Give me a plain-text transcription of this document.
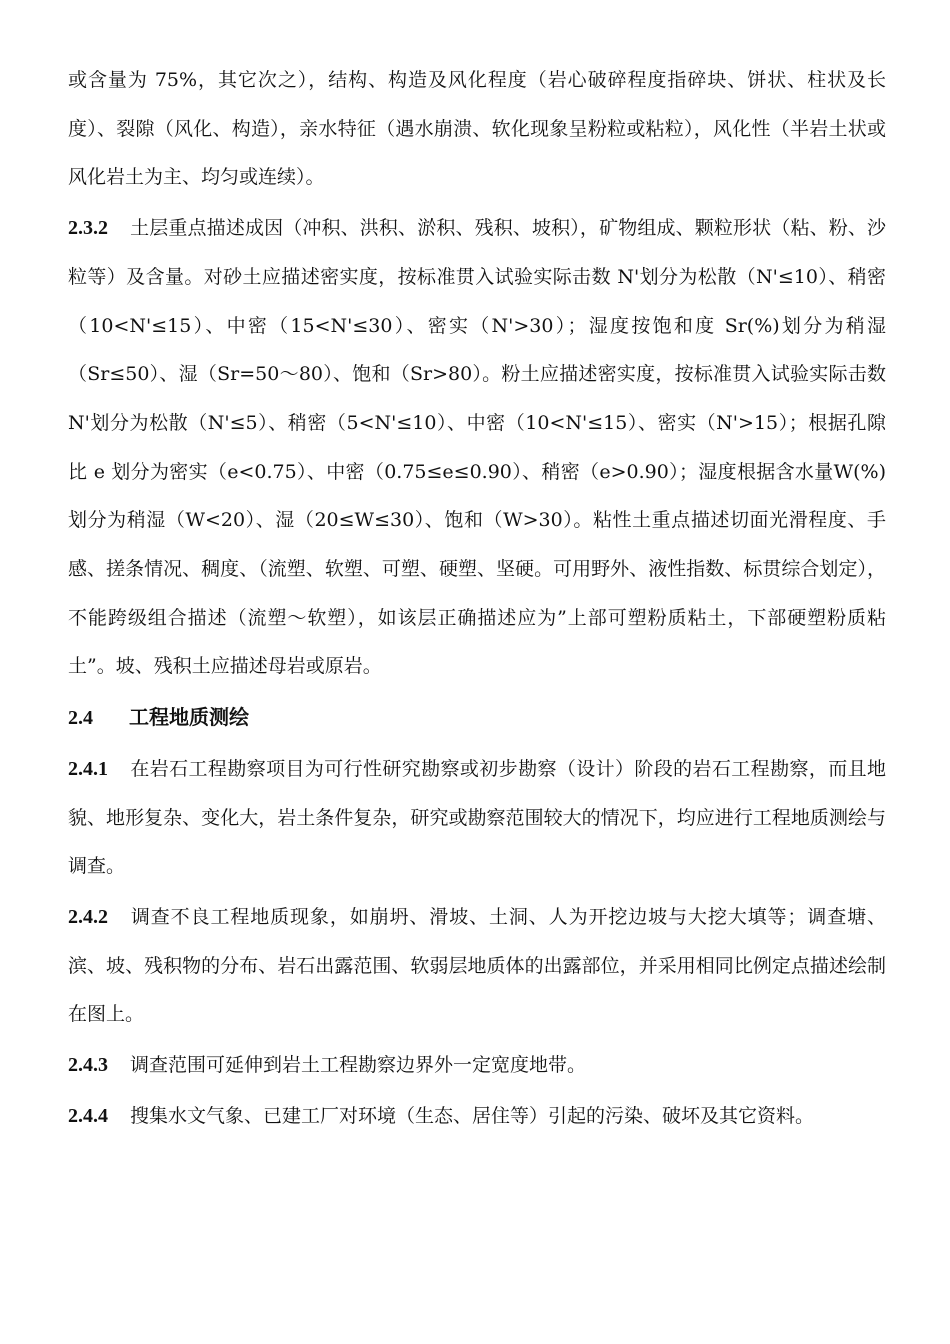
或含量为 75%，其它次之），结构、构造及风化程度（岩心破碎程度指碎块、饼状、柱状及长度）、裂隙（风化、构造），亲水特征（遇水崩溃、软化现象呈粉粒或粘粒），风化性（半岩土状或风化岩土为主、均匀或连续）。

2.3.2 土层重点描述成因（冲积、洪积、淤积、残积、坡积），矿物组成、颗粒形状（粘、粉、沙粒等）及含量。对砂土应描述密实度，按标准贯入试验实际击数 N'划分为松散（N'≤10）、稍密（10<N'≤15）、中密（15<N'≤30）、密实（N'>30）；湿度按饱和度 Sr(%)划分为稍湿（Sr≤50）、湿（Sr=50～80）、饱和（Sr>80）。粉土应描述密实度，按标准贯入试验实际击数N'划分为松散（N'≤5）、稍密（5<N'≤10）、中密（10<N'≤15）、密实（N'>15）；根据孔隙比 e 划分为密实（e<0.75）、中密（0.75≤e≤0.90）、稍密（e>0.90）；湿度根据含水量W(%)划分为稍湿（W<20）、湿（20≤W≤30）、饱和（W>30）。粘性土重点描述切面光滑程度、手感、搓条情况、稠度、（流塑、软塑、可塑、硬塑、坚硬。可用野外、液性指数、标贯综合划定），不能跨级组合描述（流塑～软塑），如该层正确描述应为”上部可塑粉质粘土，下部硬塑粉质粘土”。坡、残积土应描述母岩或原岩。

2.4 工程地质测绘

2.4.1 在岩石工程勘察项目为可行性研究勘察或初步勘察（设计）阶段的岩石工程勘察，而且地貌、地形复杂、变化大，岩土条件复杂，研究或勘察范围较大的情况下，均应进行工程地质测绘与调查。

2.4.2 调查不良工程地质现象，如崩坍、滑坡、土洞、人为开挖边坡与大挖大填等；调查塘、滨、坡、残积物的分布、岩石出露范围、软弱层地质体的出露部位，并采用相同比例定点描述绘制在图上。

2.4.3 调查范围可延伸到岩土工程勘察边界外一定宽度地带。

2.4.4 搜集水文气象、已建工厂对环境（生态、居住等）引起的污染、破坏及其它资料。
